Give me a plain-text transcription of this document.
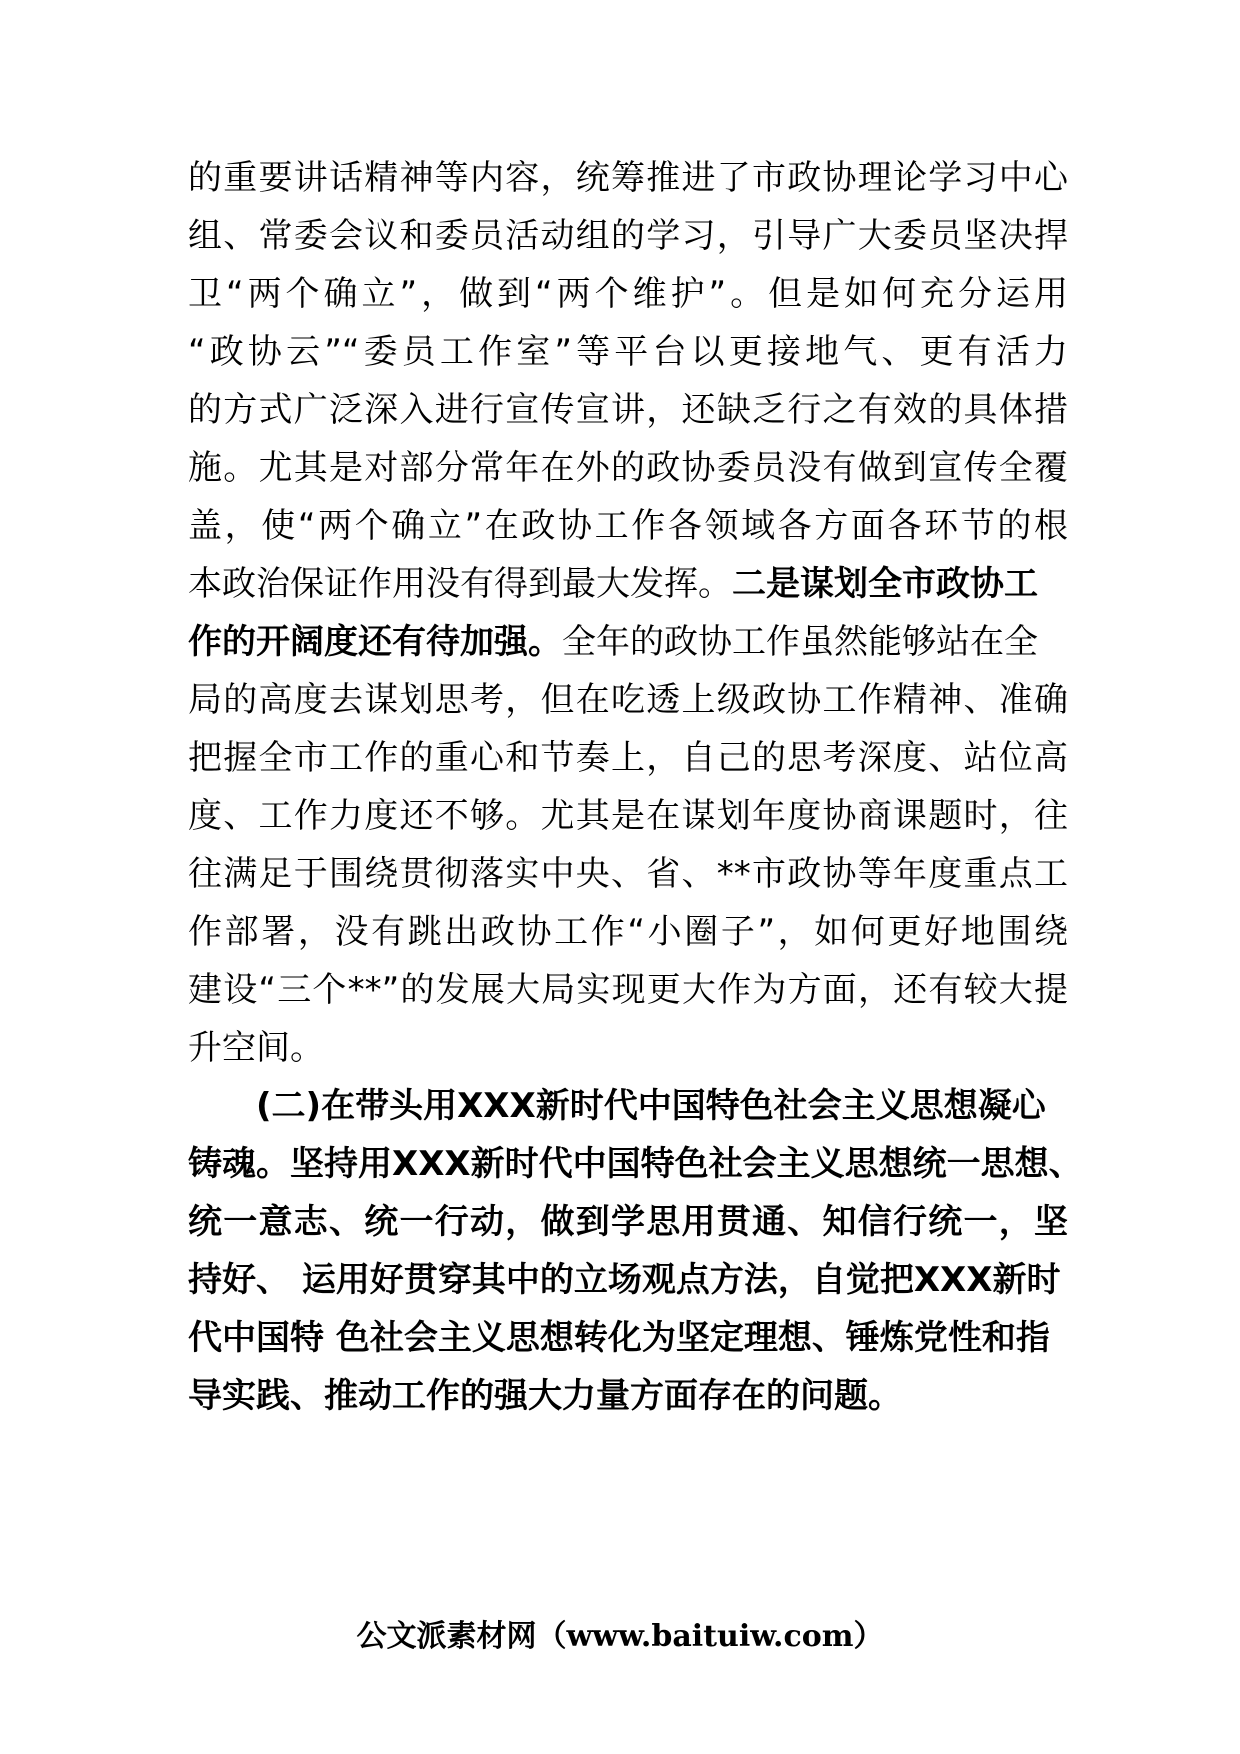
的重要讲话精神等内容，统筹推进了市政协理论学习中心
组、常委会议和委员活动组的学习，引导广大委员坚决捍
卫“两个确立”，做到“两个维护”。但是如何充分运用
“政协云”“委员工作室”等平台以更接地气、更有活力
的方式广泛深入进行宣传宣讲，还缺乏行之有效的具体措
施。尤其是对部分常年在外的政协委员没有做到宣传全覆
盖，使“两个确立”在政协工作各领域各方面各环节的根
本政治保证作用没有得到最大发挥。二是谋划全市政协工
作的开阔度还有待加强。全年的政协工作虽然能够站在全
局的高度去谋划思考，但在吃透上级政协工作精神、准确
把握全市工作的重心和节奏上，自己的思考深度、站位高
度、工作力度还不够。尤其是在谋划年度协商课题时，往
往满足于围绕贯彻落实中央、省、**市政协等年度重点工
作部署，没有跳出政协工作“小圈子”，如何更好地围绕
建设“三个**”的发展大局实现更大作为方面，还有较大提
升空间。
(二)在带头用XXX新时代中国特色社会主义思想凝心
铸魂。坚持用XXX新时代中国特色社会主义思想统一思想、
统一意志、统一行动，做到学思用贯通、知信行统一，坚
持好、 运用好贯穿其中的立场观点方法，自觉把XXX新时
代中国特 色社会主义思想转化为坚定理想、锤炼党性和指
导实践、推动工作的强大力量方面存在的问题。
公文派素材网（www.baituiw.com）
